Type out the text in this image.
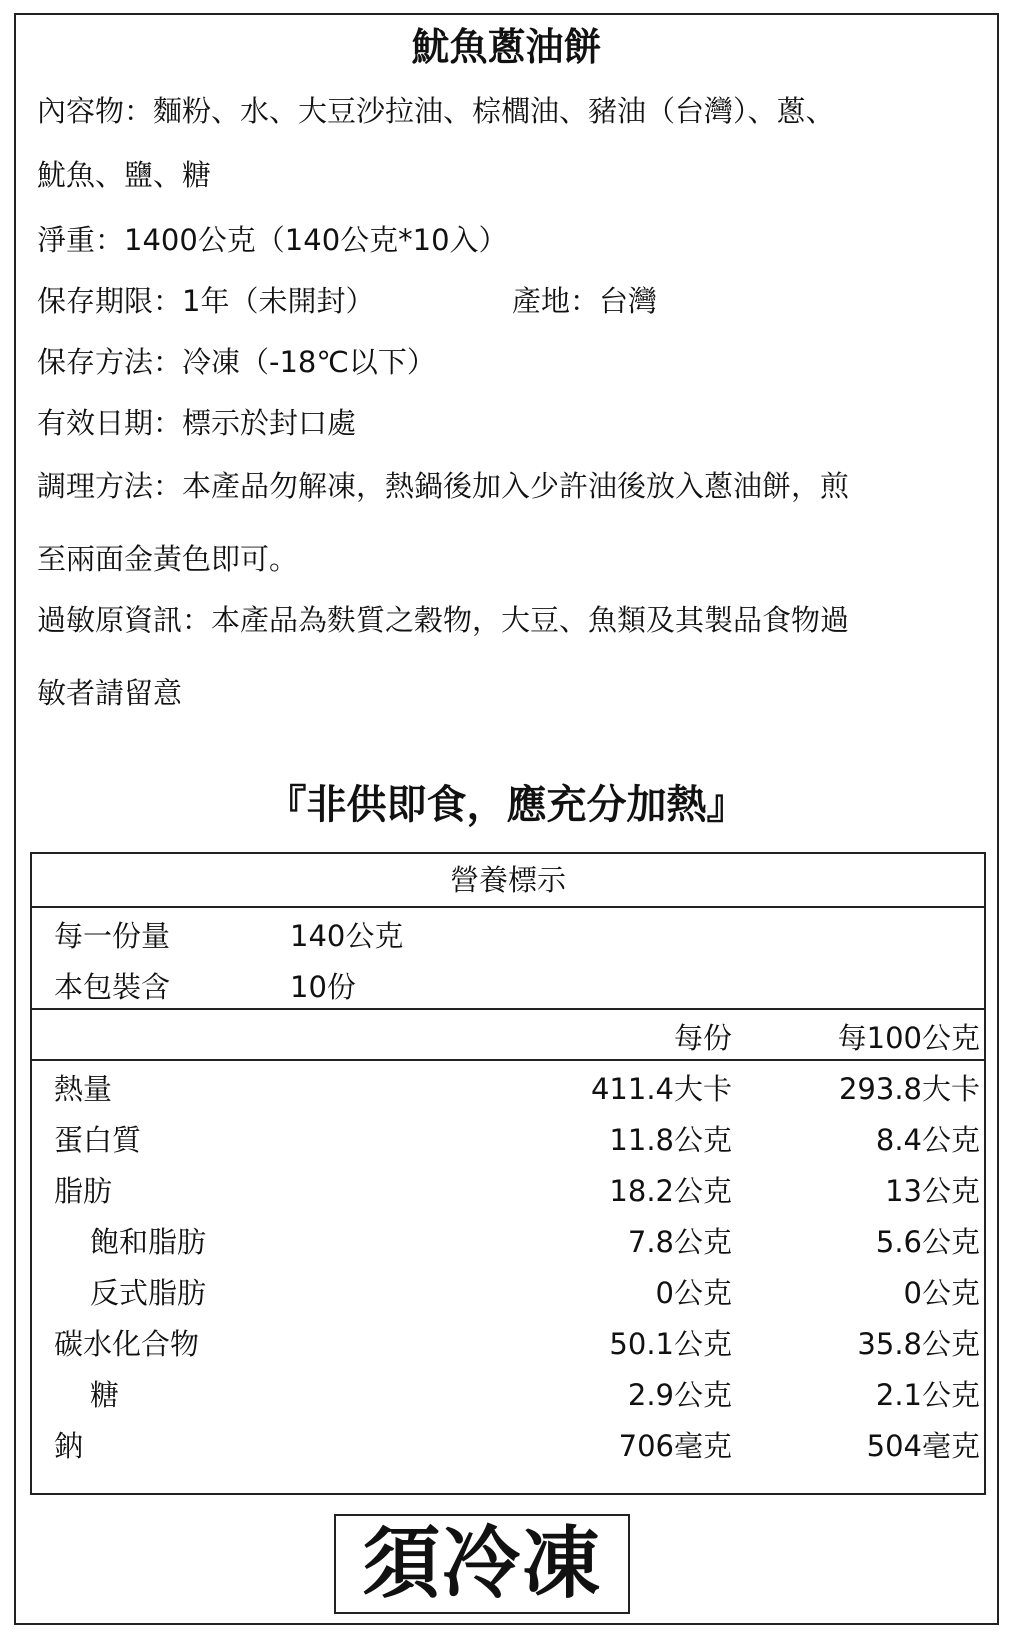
魷魚蔥油餅
內容物：麵粉、水、大豆沙拉油、棕櫚油、豬油（台灣）、蔥、
魷魚、鹽、糖
淨重：1400公克（140公克*10入）
保存期限：1年（未開封）	產地：台灣
保存方法：冷凍（-18℃以下）
有效日期：標示於封口處
調理方法：本產品勿解凍，熱鍋後加入少許油後放入蔥油餅，煎
至兩面金黃色即可。
過敏原資訊：本產品為麩質之穀物，大豆、魚類及其製品食物過
敏者請留意
『非供即食，應充分加熱』
營養標示
每一份量	140公克
本包裝含	10份
每份	每100公克
熱量	411.4大卡	293.8大卡
蛋白質	11.8公克	8.4公克
脂肪	18.2公克	13公克
飽和脂肪	7.8公克	5.6公克
反式脂肪	0公克	0公克
碳水化合物	50.1公克	35.8公克
糖	2.9公克	2.1公克
鈉	706毫克	504毫克
須冷凍
